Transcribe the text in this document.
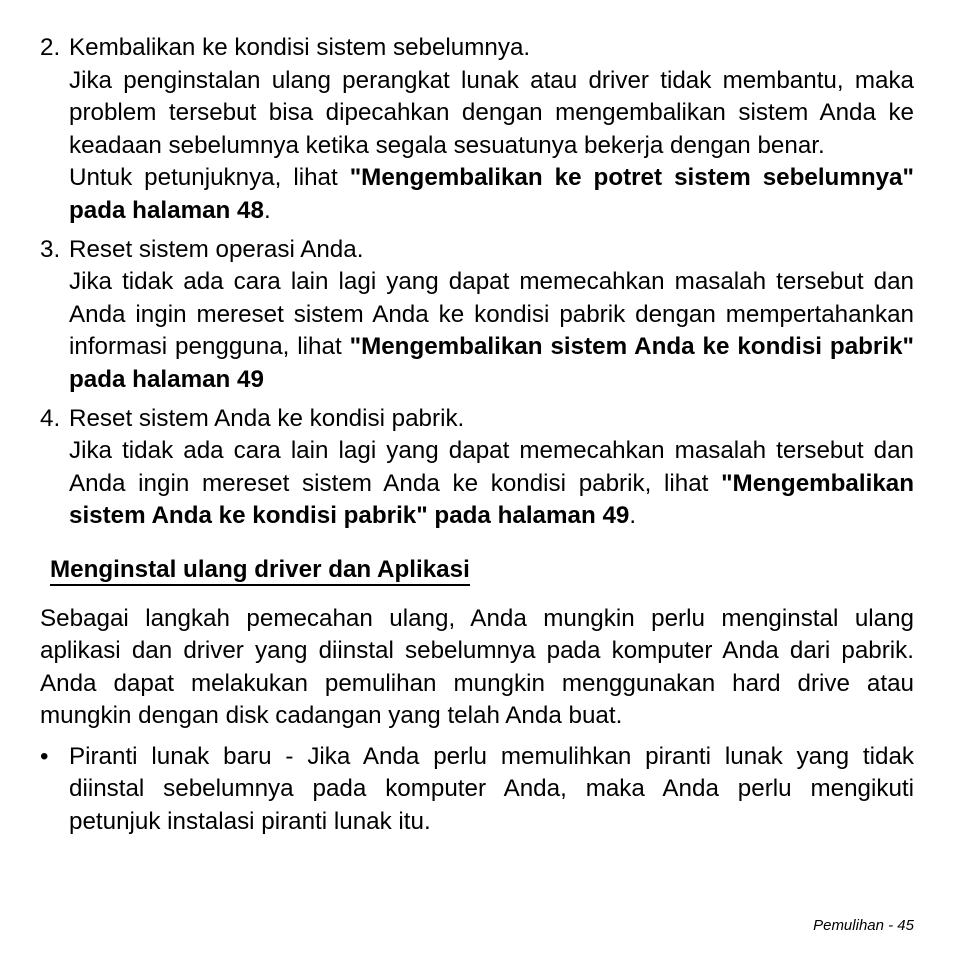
2. Kembalikan ke kondisi sistem sebelumnya.
Jika penginstalan ulang perangkat lunak atau driver tidak membantu, maka problem tersebut bisa dipecahkan dengan mengembalikan sistem Anda ke keadaan sebelumnya ketika segala sesuatunya bekerja dengan benar.
Untuk petunjuknya, lihat "Mengembalikan ke potret sistem sebelumnya" pada halaman 48.
3. Reset sistem operasi Anda.
Jika tidak ada cara lain lagi yang dapat memecahkan masalah tersebut dan Anda ingin mereset sistem Anda ke kondisi pabrik dengan mempertahankan informasi pengguna, lihat "Mengembalikan sistem Anda ke kondisi pabrik" pada halaman 49
4. Reset sistem Anda ke kondisi pabrik.
Jika tidak ada cara lain lagi yang dapat memecahkan masalah tersebut dan Anda ingin mereset sistem Anda ke kondisi pabrik, lihat "Mengembalikan sistem Anda ke kondisi pabrik" pada halaman 49.
Menginstal ulang driver dan Aplikasi
Sebagai langkah pemecahan ulang, Anda mungkin perlu menginstal ulang aplikasi dan driver yang diinstal sebelumnya pada komputer Anda dari pabrik. Anda dapat melakukan pemulihan mungkin menggunakan hard drive atau mungkin dengan disk cadangan yang telah Anda buat.
• Piranti lunak baru - Jika Anda perlu memulihkan piranti lunak yang tidak diinstal sebelumnya pada komputer Anda, maka Anda perlu mengikuti petunjuk instalasi piranti lunak itu.
Pemulihan - 45
